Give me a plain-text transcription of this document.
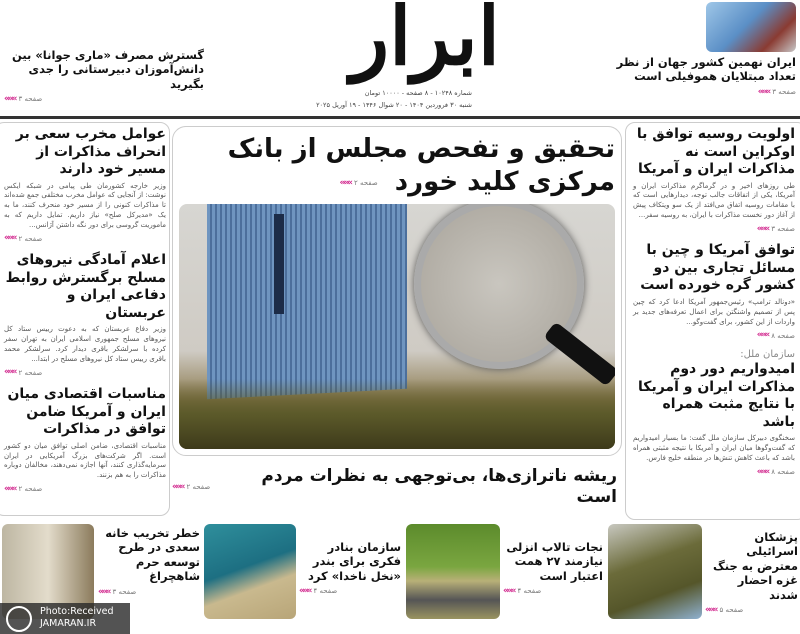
ابرار
شماره ۱۰۲۴۸ - ۸ صفحه - ۱۰۰۰۰ تومان
شنبه ۳۰ فروردین ۱۴۰۴ - ۲۰ شوال ۱۴۴۶ - ۱۹ آوریل ۲۰۲۵
گسترش مصرف «ماری جوانا» بین دانش‌آموزان دبیرستانی را جدی بگیرید
««« صفحه ۳
ایران نهمین کشور جهان از نظر تعداد مبتلایان هموفیلی است
««« صفحه ۳
عوامل مخرب سعی بر انحراف مذاکرات از مسیر خود دارند
وزیر خارجه کشورمان طی پیامی در شبکه ایکس نوشت: از آنجایی که عوامل مخرب مختلفی جمع شده‌اند تا مذاکرات کنونی را از مسیر خود منحرف کنند، ما به یک «مدیرکل صلح» نیاز داریم. تمایل داریم که به ماموریت گروسی برای دور نگه داشتن آژانس...
««« صفحه ۲
اعلام آمادگی نیروهای مسلح برگسترش روابط دفاعی ایران و عربستان
وزیر دفاع عربستان که به دعوت رییس ستاد کل نیروهای مسلح جمهوری اسلامی ایران به تهران سفر کرده با سرلشکر باقری دیدار کرد. سرلشکر محمد باقری رییس ستاد کل نیروهای مسلح در ابتدا...
««« صفحه ۲
مناسبات اقتصادی میان ایران و آمریکا ضامن توافق در مذاکرات
مناسبات اقتصادی، ضامن اصلی توافق میان دو کشور است. اگر شرکت‌های بزرگ آمریکایی در ایران سرمایه‌گذاری کنند، آنها اجازه نمی‌دهند، مخالفان دوباره مذاکرات را به هم بزنند.
««« صفحه ۲
اولویت روسیه توافق با اوکراین است نه مذاکرات ایران و آمریکا
طی روزهای اخیر و در گرماگرم مذاکرات ایران و آمریکا، یکی از اتفاقات جالب توجه، دیدارهایی است که با مقامات روسیه اتفاق می‌افتد از یک سو ویتکاف پیش از آغاز دور نخست مذاکرات با ایران، به روسیه سفر...
««« صفحه ۳
توافق آمریکا و چین با مسائل تجاری بین دو کشور گره خورده است
«دونالد ترامپ» رئیس‌جمهور آمریکا ادعا کرد که چین پس از تصمیم واشنگتن برای اعمال تعرفه‌های جدید بر واردات از این کشور، برای گفت‌وگو...
««« صفحه ۸
سازمان ملل:
امیدواریم دور دوم مذاکرات ایران و آمریکا با نتایج مثبت همراه باشد
سخنگوی دبیرکل سازمان ملل گفت: ما بسیار امیدواریم که گفت‌وگوها میان ایران و آمریکا با نتیجه مثبتی همراه باشد که باعث کاهش تنش‌ها در منطقه خلیج فارس.
««« صفحه ۸
تحقیق و تفحص مجلس از بانک مرکزی کلید خورد
««« صفحه ۲
««« صفحه ۲
ریشه ناترازی‌ها، بی‌توجهی به نظرات مردم است
پزشکان اسرائیلی معترض به جنگ غزه احضار شدند
««« صفحه ۵
نجات تالاب انزلی نیازمند ۲۷ همت اعتبار است
««« صفحه ۴
سازمان بنادر فکری برای بندر «نخل ناخدا» کرد
««« صفحه ۴
خطر تخریب خانه سعدی در طرح توسعه حرم شاهچراغ
««« صفحه ۳
Photo:Received
JAMARAN.IR
